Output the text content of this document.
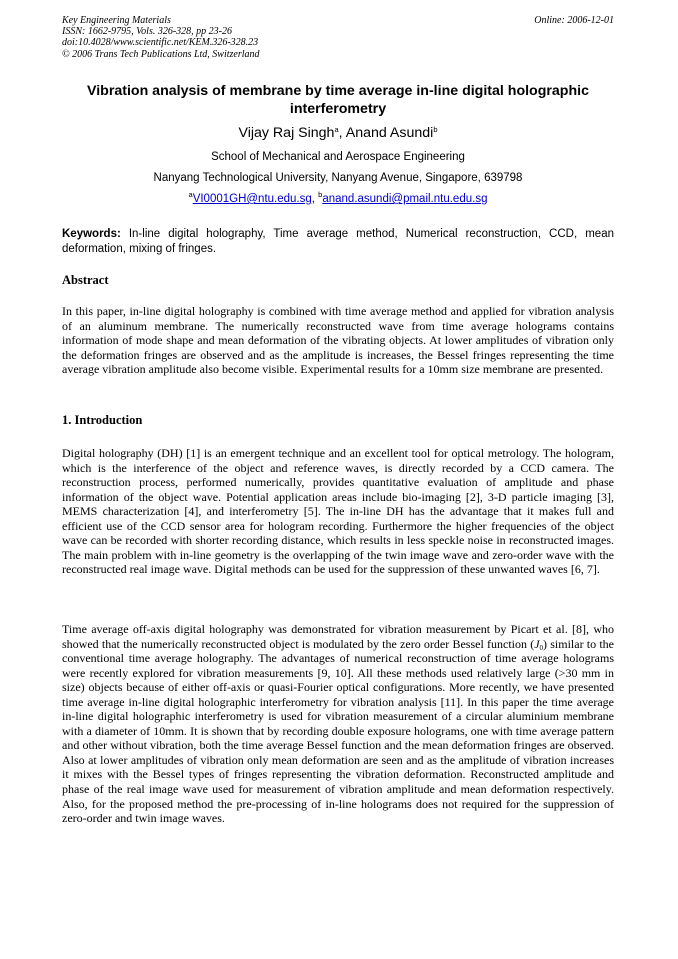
Key Engineering Materials
ISSN: 1662-9795, Vols. 326-328, pp 23-26
doi:10.4028/www.scientific.net/KEM.326-328.23
© 2006 Trans Tech Publications Ltd, Switzerland
Online: 2006-12-01
Vibration analysis of membrane by time average in-line digital holographic interferometry
Vijay Raj Singh$^a$, Anand Asundi$^b$
School of Mechanical and Aerospace Engineering
Nanyang Technological University, Nanyang Avenue, Singapore, 639798
$^a$VI0001GH@ntu.edu.sg, $^b$anand.asundi@pmail.ntu.edu.sg
Keywords: In-line digital holography, Time average method, Numerical reconstruction, CCD, mean deformation, mixing of fringes.
Abstract
In this paper, in-line digital holography is combined with time average method and applied for vibration analysis of an aluminum membrane. The numerically reconstructed wave from time average holograms contains information of mode shape and mean deformation of the vibrating objects. At lower amplitudes of vibration only the deformation fringes are observed and as the amplitude is increases, the Bessel fringes representing the time average vibration amplitude also become visible. Experimental results for a 10mm size membrane are presented.
1. Introduction
Digital holography (DH) [1] is an emergent technique and an excellent tool for optical metrology. The hologram, which is the interference of the object and reference waves, is directly recorded by a CCD camera. The reconstruction process, performed numerically, provides quantitative evaluation of amplitude and phase information of the object wave. Potential application areas include bio-imaging [2], 3-D particle imaging [3], MEMS characterization [4], and interferometry [5]. The in-line DH has the advantage that it makes full and efficient use of the CCD sensor area for hologram recording. Furthermore the higher frequencies of the object wave can be recorded with shorter recording distance, which results in less speckle noise in reconstructed images. The main problem with in-line geometry is the overlapping of the twin image wave and zero-order wave with the reconstructed real image wave. Digital methods can be used for the suppression of these unwanted waves [6, 7].
Time average off-axis digital holography was demonstrated for vibration measurement by Picart et al. [8], who showed that the numerically reconstructed object is modulated by the zero order Bessel function $(J_0)$ similar to the conventional time average holography. The advantages of numerical reconstruction of time average holograms were recently explored for vibration measurements [9, 10]. All these methods used relatively large (>30 mm in size) objects because of either off-axis or quasi-Fourier optical configurations. More recently, we have presented time average in-line digital holographic interferometry for vibration analysis [11]. In this paper the time average in-line digital holographic interferometry is used for vibration measurement of a circular aluminium membrane with a diameter of 10mm. It is shown that by recording double exposure holograms, one with time average pattern and other without vibration, both the time average Bessel function and the mean deformation fringes are observed. Also at lower amplitudes of vibration only mean deformation are seen and as the amplitude of vibration increases it mixes with the Bessel types of fringes representing the vibration deformation. Reconstructed amplitude and phase of the real image wave used for measurement of vibration amplitude and mean deformation respectively. Also, for the proposed method the pre-processing of in-line holograms does not required for the suppression of zero-order and twin image waves.
